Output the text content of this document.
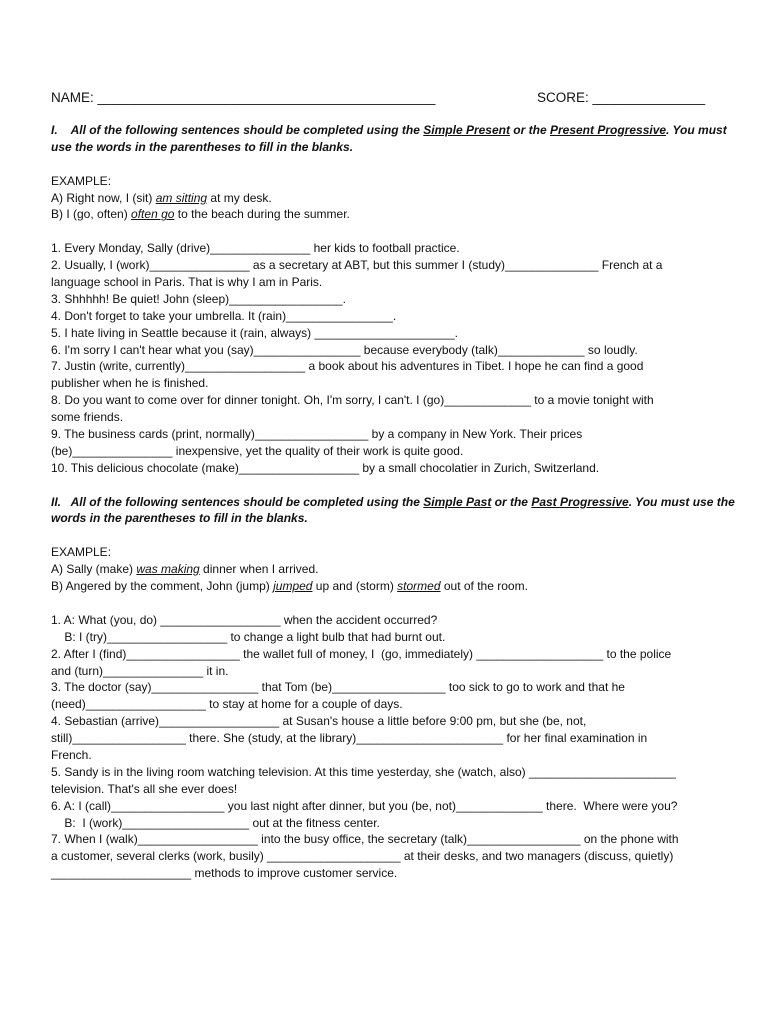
NAME: _____________________________________________	SCORE: _______________
I. All of the following sentences should be completed using the Simple Present or the Present Progressive. You must
use the words in the parentheses to fill in the blanks.
EXAMPLE:
A) Right now, I (sit) am sitting at my desk.
B) I (go, often) often go to the beach during the summer.
1. Every Monday, Sally (drive)_______________ her kids to football practice.
2. Usually, I (work)_______________ as a secretary at ABT, but this summer I (study)______________ French at a
language school in Paris. That is why I am in Paris.
3. Shhhhh! Be quiet! John (sleep)_________________.
4. Don't forget to take your umbrella. It (rain)________________.
5. I hate living in Seattle because it (rain, always) _____________________.
6. I'm sorry I can't hear what you (say)________________ because everybody (talk)_____________ so loudly.
7. Justin (write, currently)__________________ a book about his adventures in Tibet. I hope he can find a good
publisher when he is finished.
8. Do you want to come over for dinner tonight. Oh, I'm sorry, I can't. I (go)_____________ to a movie tonight with
some friends.
9. The business cards (print, normally)_________________ by a company in New York. Their prices
(be)_______________ inexpensive, yet the quality of their work is quite good.
10. This delicious chocolate (make)__________________ by a small chocolatier in Zurich, Switzerland.
II. All of the following sentences should be completed using the Simple Past or the Past Progressive. You must use the
words in the parentheses to fill in the blanks.
EXAMPLE:
A) Sally (make) was making dinner when I arrived.
B) Angered by the comment, John (jump) jumped up and (storm) stormed out of the room.
1. A: What (you, do) __________________ when the accident occurred?
B: I (try)__________________ to change a light bulb that had burnt out.
2. After I (find)_________________ the wallet full of money, I  (go, immediately) ___________________ to the police
and (turn)_______________ it in.
3. The doctor (say)________________ that Tom (be)_________________ too sick to go to work and that he
(need)__________________ to stay at home for a couple of days.
4. Sebastian (arrive)__________________ at Susan's house a little before 9:00 pm, but she (be, not,
still)_________________ there. She (study, at the library)______________________ for her final examination in
French.
5. Sandy is in the living room watching television. At this time yesterday, she (watch, also) ______________________
television. That's all she ever does!
6. A: I (call)_________________ you last night after dinner, but you (be, not)_____________ there.  Where were you?
B:  I (work)___________________ out at the fitness center.
7. When I (walk)__________________ into the busy office, the secretary (talk)_________________ on the phone with
a customer, several clerks (work, busily) ____________________ at their desks, and two managers (discuss, quietly)
_____________________ methods to improve customer service.
